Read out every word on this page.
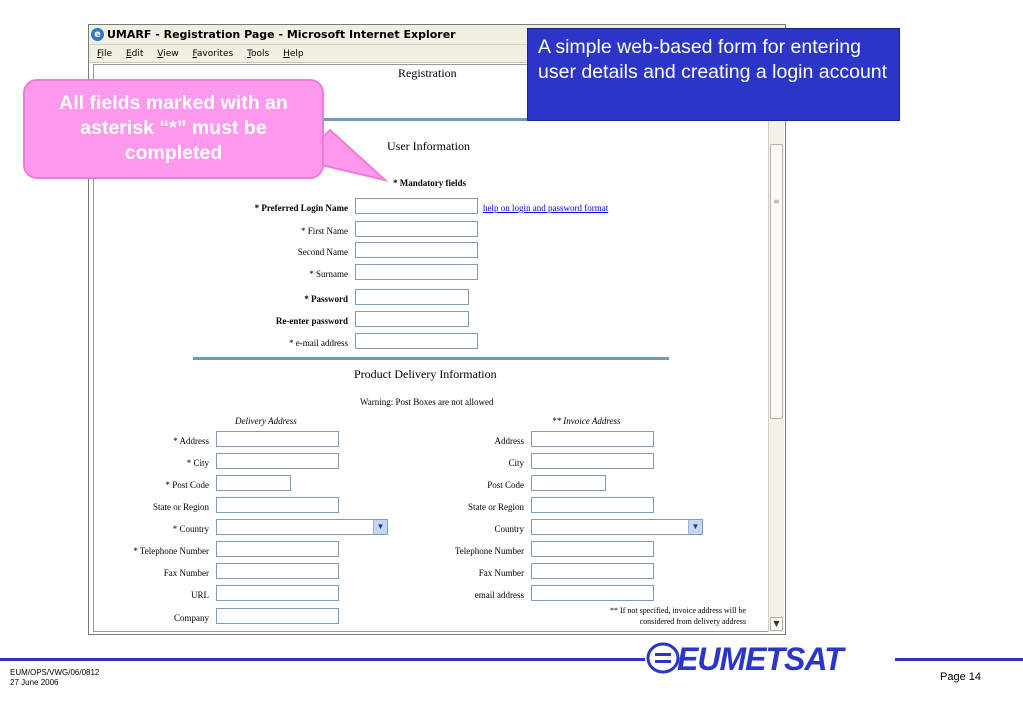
e UMARF - Registration Page - Microsoft Internet Explorer
File Edit View Favorites Tools Help
Registration
User Information
* Mandatory fields
* Preferred Login Name	help on login and password format
* First Name
Second Name
* Surname
* Password
Re-enter password
* e-mail address
Product Delivery Information
Warning: Post Boxes are not allowed
Delivery Address	** Invoice Address
* Address
* City
* Post Code
State or Region
* Country	▼
* Telephone Number
Fax Number
URL
Company
Address
City
Post Code
State or Region
Country	▼
Telephone Number
Fax Number
email address
** If not specified, invoice address will be
considered from delivery address
≡
▼
A simple web-based form for entering user details and creating a login account
All fields marked with an asterisk “*” must be completed
EUMETSAT
EUM/OPS/VWG/06/0812
27 June 2006	Page 14
